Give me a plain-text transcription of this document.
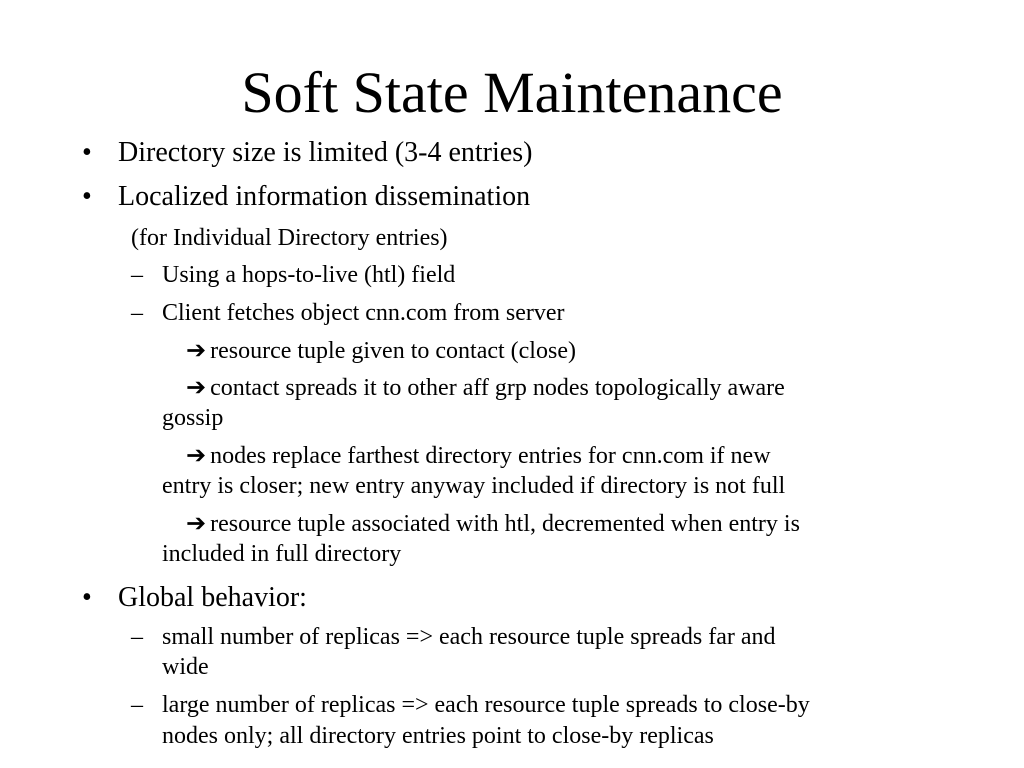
Soft State Maintenance
• Directory size is limited (3-4 entries)
• Localized information dissemination
(for Individual Directory entries)
– Using a hops-to-live (htl) field
– Client fetches object cnn.com from server
➔ resource tuple given to contact (close)
➔ contact spreads it to other aff grp nodes topologically aware
gossip
➔ nodes replace farthest directory entries for cnn.com if new
entry is closer; new entry anyway included if directory is not full
➔ resource tuple associated with htl, decremented when entry is
included in full directory
• Global behavior:
– small number of replicas => each resource tuple spreads far and
wide
– large number of replicas => each resource tuple spreads to close-by
nodes only; all directory entries point to close-by replicas
